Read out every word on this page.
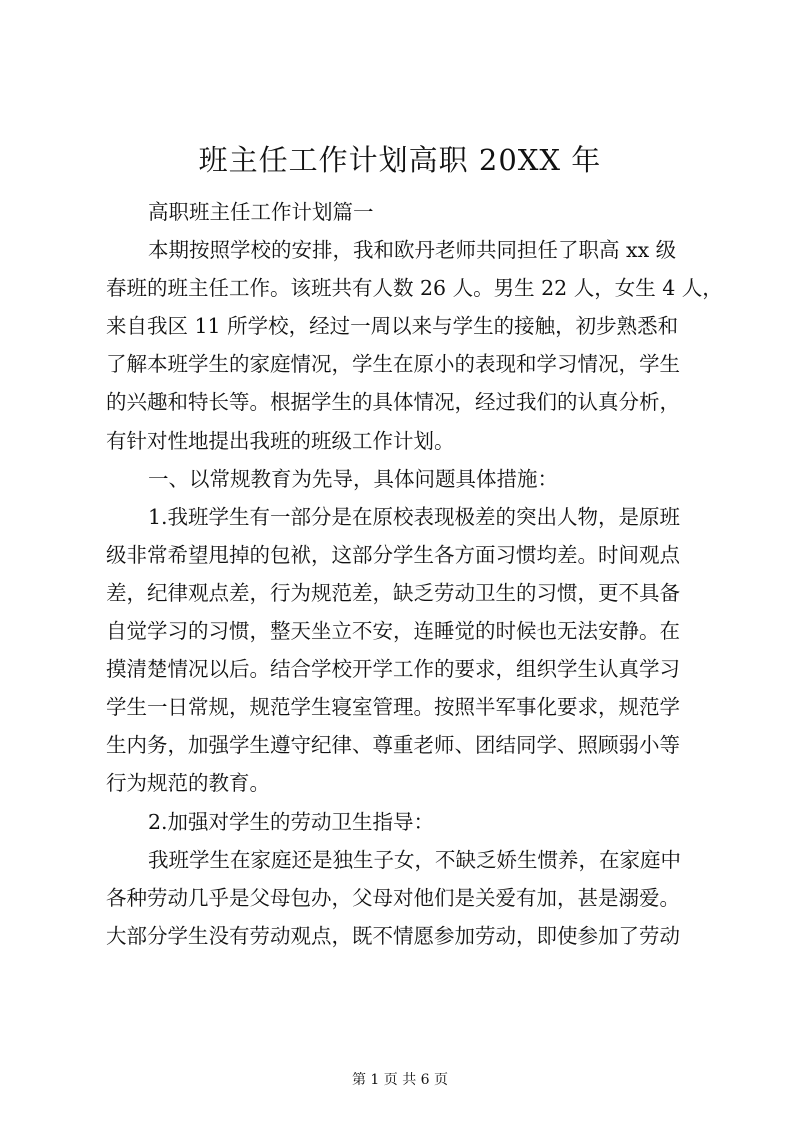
班主任工作计划高职 20XX 年
高职班主任工作计划篇一
本期按照学校的安排，我和欧丹老师共同担任了职高 xx 级
春班的班主任工作。该班共有人数 26 人。男生 22 人，女生 4 人，
来自我区 11 所学校，经过一周以来与学生的接触，初步熟悉和
了解本班学生的家庭情况，学生在原小的表现和学习情况，学生
的兴趣和特长等。根据学生的具体情况，经过我们的认真分析，
有针对性地提出我班的班级工作计划。
一、以常规教育为先导，具体问题具体措施：
1.我班学生有一部分是在原校表现极差的突出人物，是原班
级非常希望甩掉的包袱，这部分学生各方面习惯均差。时间观点
差，纪律观点差，行为规范差，缺乏劳动卫生的习惯，更不具备
自觉学习的习惯，整天坐立不安，连睡觉的时候也无法安静。在
摸清楚情况以后。结合学校开学工作的要求，组织学生认真学习
学生一日常规，规范学生寝室管理。按照半军事化要求，规范学
生内务，加强学生遵守纪律、尊重老师、团结同学、照顾弱小等
行为规范的教育。
2.加强对学生的劳动卫生指导：
我班学生在家庭还是独生子女，不缺乏娇生惯养，在家庭中
各种劳动几乎是父母包办，父母对他们是关爱有加，甚是溺爱。
大部分学生没有劳动观点，既不情愿参加劳动，即使参加了劳动
第 1 页 共 6 页
